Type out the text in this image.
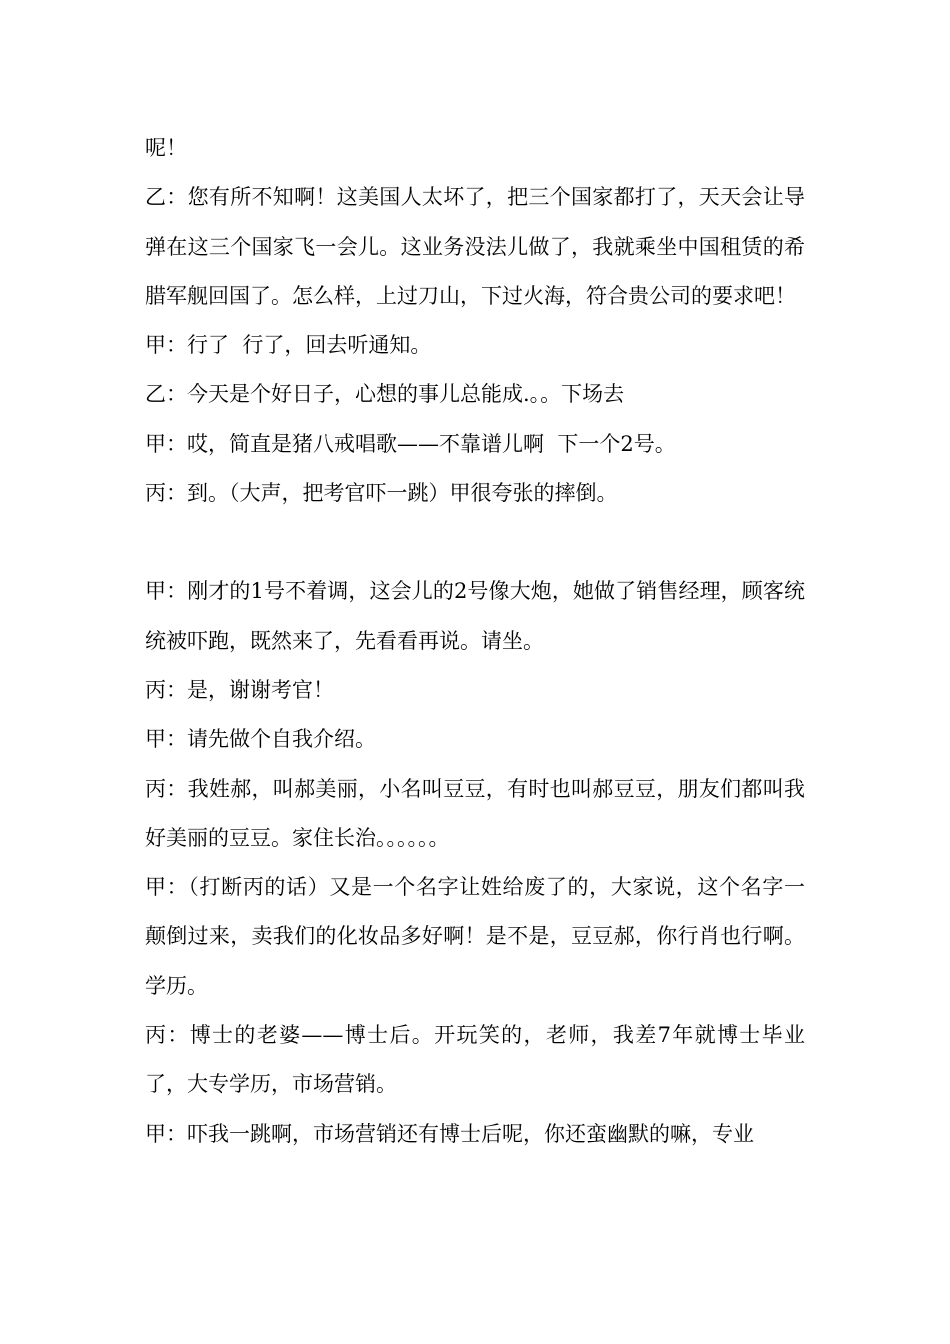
呢！

乙：您有所不知啊！这美国人太坏了，把三个国家都打了，天天会让导弹在这三个国家飞一会儿。这业务没法儿做了，我就乘坐中国租赁的希腊军舰回国了。怎么样，上过刀山，下过火海，符合贵公司的要求吧！

甲：行了  行了，回去听通知。

乙：今天是个好日子，心想的事儿总能成.。。下场去

甲：哎，简直是猪八戒唱歌——不靠谱儿啊  下一个2号。

丙：到。（大声，把考官吓一跳）甲很夸张的摔倒。

甲：刚才的1号不着调，这会儿的2号像大炮，她做了销售经理，顾客统统被吓跑，既然来了，先看看再说。请坐。

丙：是，谢谢考官！

甲：请先做个自我介绍。

丙：我姓郝，叫郝美丽，小名叫豆豆，有时也叫郝豆豆，朋友们都叫我好美丽的豆豆。家住长治。。。。。。

甲：（打断丙的话）又是一个名字让姓给废了的，大家说，这个名字一颠倒过来，卖我们的化妆品多好啊！是不是，豆豆郝，你行肖也行啊。学历。

丙：博士的老婆——博士后。开玩笑的，老师，我差7年就博士毕业了，大专学历，市场营销。

甲：吓我一跳啊，市场营销还有博士后呢，你还蛮幽默的嘛，专业
